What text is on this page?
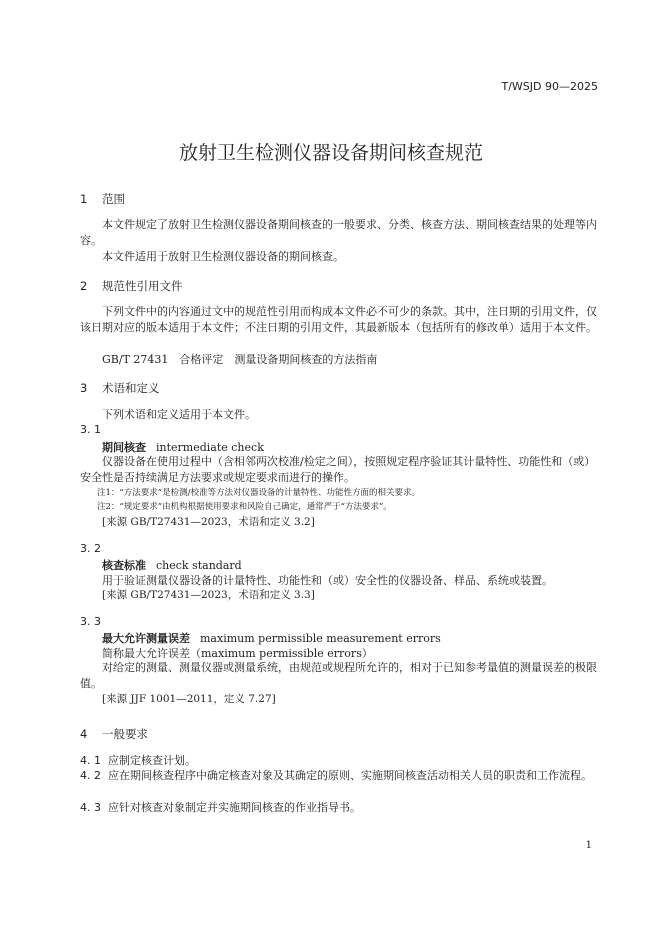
T/WSJD 90—2025
放射卫生检测仪器设备期间核查规范
1 范围
本文件规定了放射卫生检测仪器设备期间核查的一般要求、分类、核查方法、期间核查结果的处理等内容。
本文件适用于放射卫生检测仪器设备的期间核查。
2 规范性引用文件
下列文件中的内容通过文中的规范性引用而构成本文件必不可少的条款。其中，注日期的引用文件，仅该日期对应的版本适用于本文件；不注日期的引用文件，其最新版本（包括所有的修改单）适用于本文件。
GB/T 27431　合格评定　测量设备期间核查的方法指南
3 术语和定义
下列术语和定义适用于本文件。
3. 1
期间核查 intermediate check
仪器设备在使用过程中（含相邻两次校准/检定之间），按照规定程序验证其计量特性、功能性和（或）安全性是否持续满足方法要求或规定要求而进行的操作。
注1：“方法要求”是检测/校准等方法对仪器设备的计量特性、功能性方面的相关要求。
注2：“规定要求”由机构根据使用要求和风险自己确定，通常严于“方法要求”。
[来源 GB/T27431—2023，术语和定义 3.2]
3. 2
核查标准 check standard
用于验证测量仪器设备的计量特性、功能性和（或）安全性的仪器设备、样品、系统或装置。
[来源 GB/T27431—2023，术语和定义 3.3]
3. 3
最大允许测量误差 maximum permissible measurement errors
简称最大允许误差（maximum permissible errors）
对给定的测量、测量仪器或测量系统，由规范或规程所允许的，相对于已知参考量值的测量误差的极限值。
[来源 JJF 1001—2011，定义 7.27]
4 一般要求
4. 1 应制定核查计划。
4. 2 应在期间核查程序中确定核查对象及其确定的原则、实施期间核查活动相关人员的职责和工作流程。
4. 3 应针对核查对象制定并实施期间核查的作业指导书。
1
